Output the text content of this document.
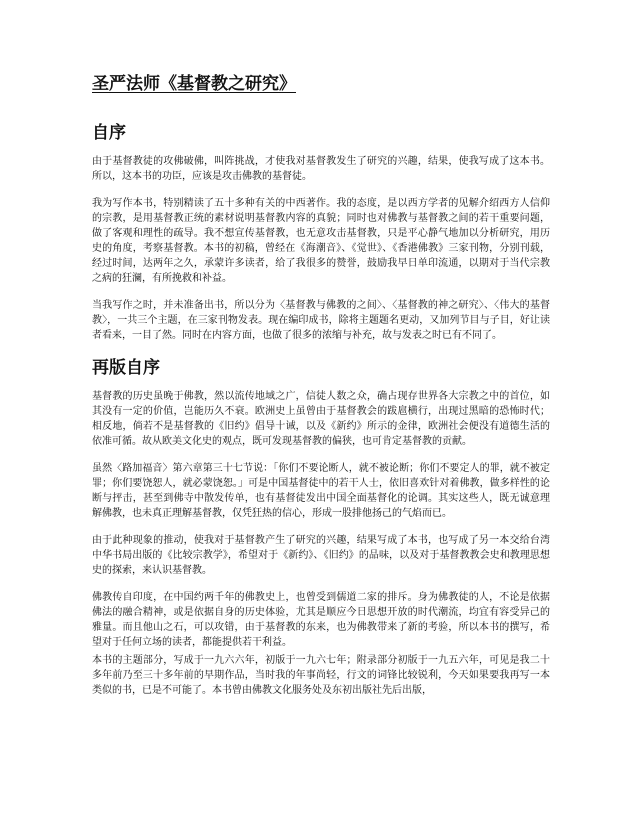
圣严法师《基督教之研究》
自序

由于基督教徒的攻佛破佛，叫阵挑战，才使我对基督教发生了研究的兴趣，结果，使我写成了这本书。所以，这本书的功臣，应该是攻击佛教的基督徒。

我为写作本书，特别精读了五十多种有关的中西著作。我的态度，是以西方学者的见解介绍西方人信仰的宗教，是用基督教正统的素材说明基督教内容的真貌；同时也对佛教与基督教之间的若干重要问题，做了客观和理性的疏导。我不想宣传基督教，也无意攻击基督教，只是平心静气地加以分析研究，用历史的角度，考察基督教。本书的初稿，曾经在《海潮音》、《觉世》、《香港佛教》三家刊物，分别刊载，经过时间，达两年之久，承蒙许多读者，给了我很多的赞誉，鼓励我早日单印流通，以期对于当代宗教之病的狂澜，有所挽救和补益。

当我写作之时，并未准备出书，所以分为〈基督教与佛教的之间〉、〈基督教的神之研究〉、〈伟大的基督教〉，一共三个主题，在三家刊物发表。现在编印成书，除将主题题名更动，又加列节目与子目，好让读者看来，一目了然。同时在内容方面，也做了很多的浓缩与补充，故与发表之时已有不同了。

再版自序

基督教的历史虽晚于佛教，然以流传地域之广，信徒人数之众，确占现存世界各大宗教之中的首位，如其没有一定的价值，岂能历久不衰。欧洲史上虽曾由于基督教会的跋扈横行，出现过黑暗的恐怖时代；相反地，倘若不是基督教的《旧约》倡导十诫，以及《新约》所示的金律，欧洲社会便没有道德生活的依准可循。故从欧美文化史的观点，既可发现基督教的偏狭，也可肯定基督教的贡献。

虽然〈路加福音〉第六章第三十七节说：「你们不要论断人，就不被论断；你们不要定人的罪，就不被定罪；你们要饶恕人，就必蒙饶恕。」可是中国基督徒中的若干人士，依旧喜欢针对着佛教，做多样性的论断与抨击，甚至到佛寺中散发传单，也有基督徒发出中国全面基督化的论调。其实这些人，既无诚意理解佛教，也未真正理解基督教，仅凭狂热的信心，形成一股排他扬己的气焰而已。

由于此种现象的推动，使我对于基督教产生了研究的兴趣，结果写成了本书，也写成了另一本交给台湾中华书局出版的《比较宗教学》，希望对于《新约》、《旧约》的品味，以及对于基督教教会史和教理思想史的探索，来认识基督教。

佛教传自印度，在中国约两千年的佛教史上，也曾受到儒道二家的排斥。身为佛教徒的人，不论是依据佛法的融合精神，或是依据自身的历史体验，尤其是顺应今日思想开放的时代潮流，均宜有容受异己的雅量。而且他山之石，可以攻错，由于基督教的东来，也为佛教带来了新的考验，所以本书的撰写，希望对于任何立场的读者，都能提供若干利益。

本书的主题部分，写成于一九六六年，初版于一九六七年；附录部分初版于一九五六年，可见是我二十多年前乃至三十多年前的早期作品，当时我的年事尚轻，行文的词锋比较锐利，今天如果要我再写一本类似的书，已是不可能了。本书曾由佛教文化服务处及东初出版社先后出版，
